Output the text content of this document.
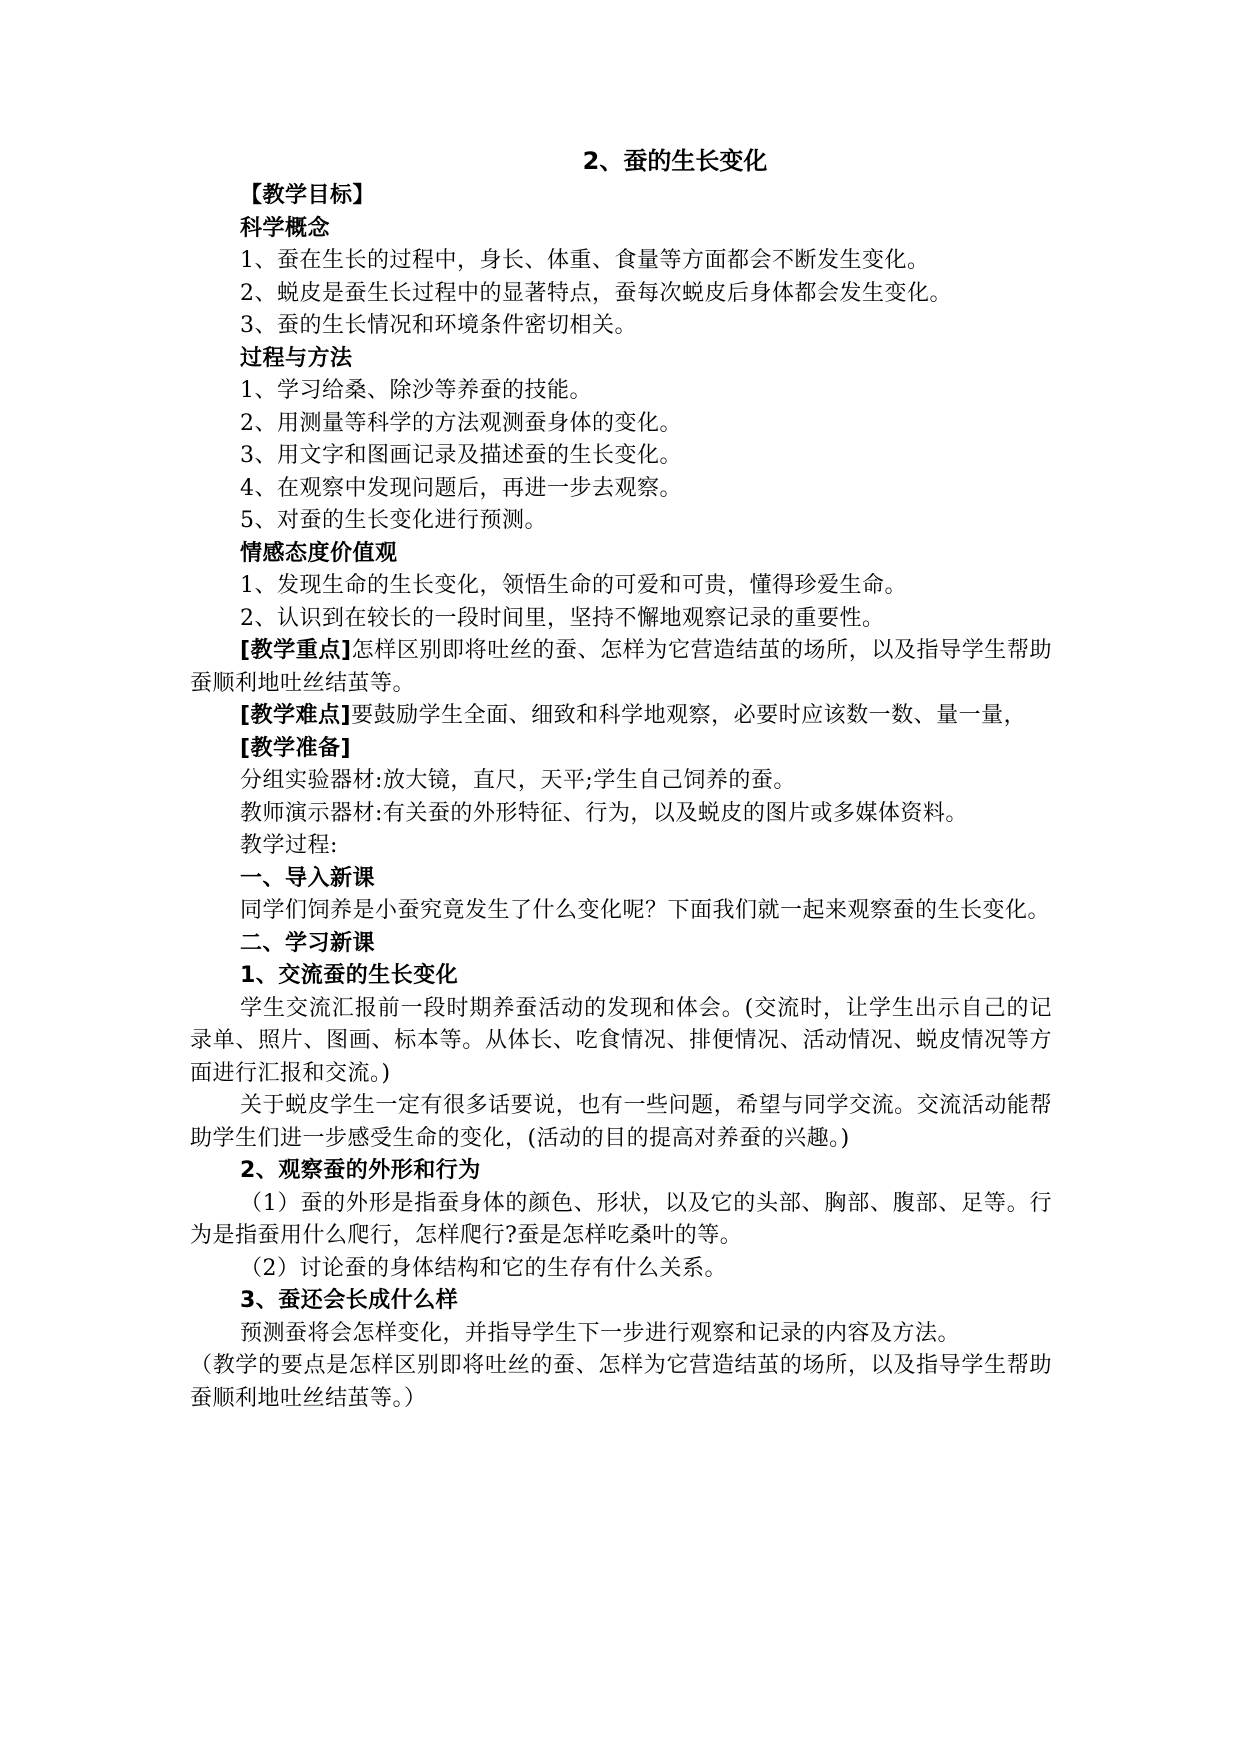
2、蚕的生长变化

【教学目标】

科学概念

1、蚕在生长的过程中，身长、体重、食量等方面都会不断发生变化。

2、蜕皮是蚕生长过程中的显著特点，蚕每次蜕皮后身体都会发生变化。

3、蚕的生长情况和环境条件密切相关。

过程与方法

1、学习给桑、除沙等养蚕的技能。

2、用测量等科学的方法观测蚕身体的变化。

3、用文字和图画记录及描述蚕的生长变化。

4、在观察中发现问题后，再进一步去观察。

5、对蚕的生长变化进行预测。

情感态度价值观

1、发现生命的生长变化，领悟生命的可爱和可贵，懂得珍爱生命。

2、认识到在较长的一段时间里，坚持不懈地观察记录的重要性。

[教学重点]怎样区别即将吐丝的蚕、怎样为它营造结茧的场所，以及指导学生帮助蚕顺利地吐丝结茧等。

[教学难点]要鼓励学生全面、细致和科学地观察，必要时应该数一数、量一量，

[教学准备]

分组实验器材:放大镜，直尺，天平;学生自己饲养的蚕。

教师演示器材:有关蚕的外形特征、行为，以及蜕皮的图片或多媒体资料。

教学过程:

一、导入新课

同学们饲养是小蚕究竟发生了什么变化呢？下面我们就一起来观察蚕的生长变化。

二、学习新课

1、交流蚕的生长变化

学生交流汇报前一段时期养蚕活动的发现和体会。(交流时，让学生出示自己的记录单、照片、图画、标本等。从体长、吃食情况、排便情况、活动情况、蜕皮情况等方面进行汇报和交流。)

关于蜕皮学生一定有很多话要说，也有一些问题，希望与同学交流。交流活动能帮助学生们进一步感受生命的变化，(活动的目的提高对养蚕的兴趣。)

2、观察蚕的外形和行为

（1）蚕的外形是指蚕身体的颜色、形状，以及它的头部、胸部、腹部、足等。行为是指蚕用什么爬行，怎样爬行?蚕是怎样吃桑叶的等。

（2）讨论蚕的身体结构和它的生存有什么关系。

3、蚕还会长成什么样

预测蚕将会怎样变化，并指导学生下一步进行观察和记录的内容及方法。

（教学的要点是怎样区别即将吐丝的蚕、怎样为它营造结茧的场所，以及指导学生帮助蚕顺利地吐丝结茧等。）
